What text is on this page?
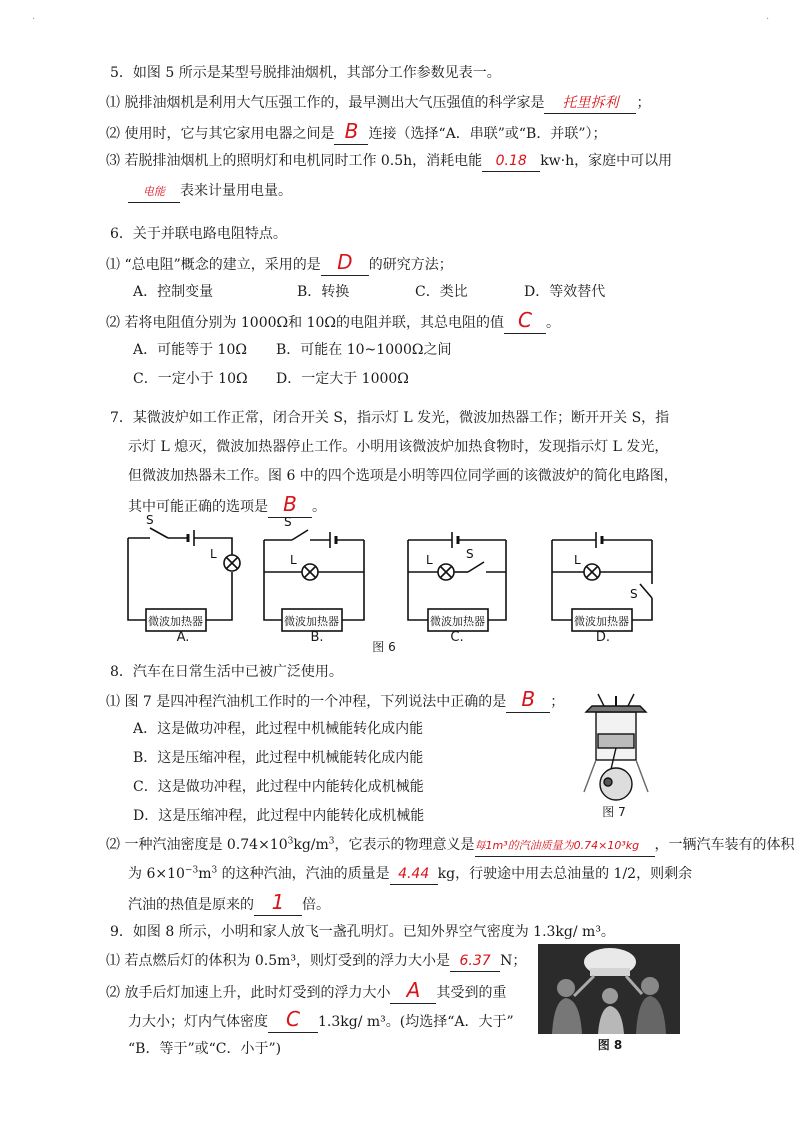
·	·
5．如图 5 所示是某型号脱排油烟机，其部分工作参数见表一。
⑴ 脱排油烟机是利用大气压强工作的，最早测出大气压强值的科学家是 托里拆利 ；
⑵ 使用时，它与其它家用电器之间是 B 连接（选择“A．串联”或“B．并联”）；
⑶ 若脱排油烟机上的照明灯和电机同时工作 0.5h，消耗电能 0.18 kw·h，家庭中可以用
电能 表来计量用电量。
6．关于并联电路电阻特点。
⑴ “总电阻”概念的建立，采用的是 D 的研究方法；
A．控制变量	B．转换	C．类比	D．等效替代
⑵ 若将电阻值分别为 1000Ω和 10Ω的电阻并联，其总电阻的值 C 。
A．可能等于 10Ω B．可能在 10~1000Ω之间
C．一定小于 10Ω D．一定大于 1000Ω
7．某微波炉如工作正常，闭合开关 S，指示灯 L 发光，微波加热器工作；断开开关 S，指
示灯 L 熄灭，微波加热器停止工作。小明用该微波炉加热食物时，发现指示灯 L 发光，
但微波加热器未工作。图 6 中的四个选项是小明等四位同学画的该微波炉的简化电路图，
其中可能正确的选项是 B 。
S
L
S
L	L	S	L
S
微波加热器	微波加热器	微波加热器	微波加热器
A.	B.	C.	D.
图 6
8．汽车在日常生活中已被广泛使用。
⑴ 图 7 是四冲程汽油机工作时的一个冲程，下列说法中正确的是 B ；
A．这是做功冲程，此过程中机械能转化成内能
B．这是压缩冲程，此过程中机械能转化成内能
C．这是做功冲程，此过程中内能转化成机械能
D．这是压缩冲程，此过程中内能转化成机械能	图 7
⑵ 一种汽油密度是 $0.74\times 10^3kg/m^3$，它表示的物理意义是每1m³的汽油质量为0.74×10³kg ，一辆汽车装有的体积
为 $6\times 10^{-3}m^3$ 的这种汽油，汽油的质量是 4.44 kg，行驶途中用去总油量的 1/2，则剩余
汽油的热值是原来的 1 倍。
9．如图 8 所示，小明和家人放飞一盏孔明灯。已知外界空气密度为 1.3kg/ m³。
⑴ 若点燃后灯的体积为 0.5m³，则灯受到的浮力大小是 6.37 N；
⑵ 放手后灯加速上升，此时灯受到的浮力大小 A 其受到的重
力大小；灯内气体密度 C 1.3kg/ m³。(均选择“A．大于”
“B．等于”或“C．小于”)	图 8
